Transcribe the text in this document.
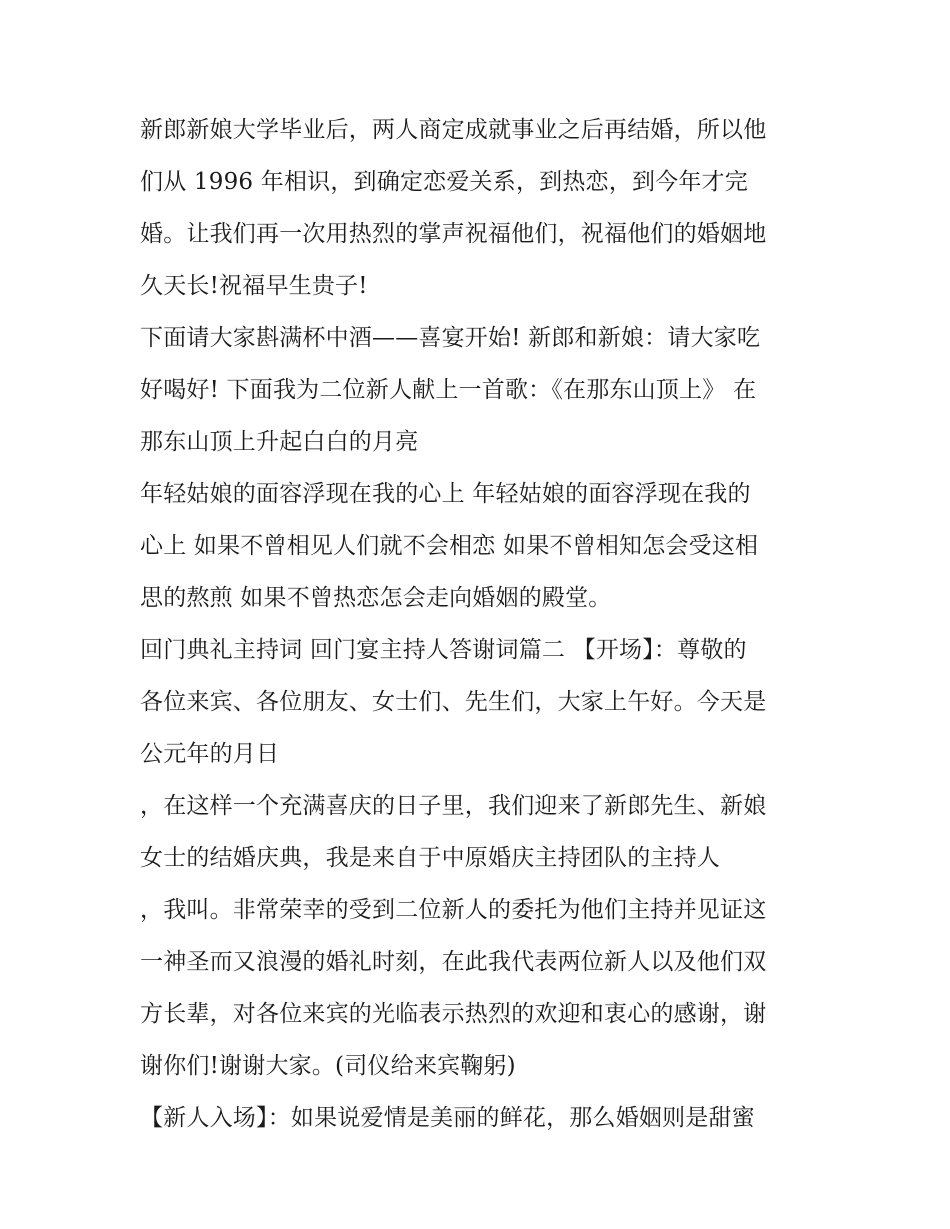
新郎新娘大学毕业后，两人商定成就事业之后再结婚，所以他
们从 1996 年相识，到确定恋爱关系，到热恋，到今年才完
婚。让我们再一次用热烈的掌声祝福他们，祝福他们的婚姻地
久天长!祝福早生贵子!
下面请大家斟满杯中酒——喜宴开始! 新郎和新娘：请大家吃
好喝好! 下面我为二位新人献上一首歌：《在那东山顶上》 在
那东山顶上升起白白的月亮
年轻姑娘的面容浮现在我的心上 年轻姑娘的面容浮现在我的
心上 如果不曾相见人们就不会相恋 如果不曾相知怎会受这相
思的熬煎 如果不曾热恋怎会走向婚姻的殿堂。
回门典礼主持词 回门宴主持人答谢词篇二 【开场】：尊敬的
各位来宾、各位朋友、女士们、先生们，大家上午好。今天是
公元年的月日
，在这样一个充满喜庆的日子里，我们迎来了新郎先生、新娘
女士的结婚庆典，我是来自于中原婚庆主持团队的主持人
，我叫。非常荣幸的受到二位新人的委托为他们主持并见证这
一神圣而又浪漫的婚礼时刻，在此我代表两位新人以及他们双
方长辈，对各位来宾的光临表示热烈的欢迎和衷心的感谢，谢
谢你们!谢谢大家。(司仪给来宾鞠躬)
【新人入场】：如果说爱情是美丽的鲜花，那么婚姻则是甜蜜
